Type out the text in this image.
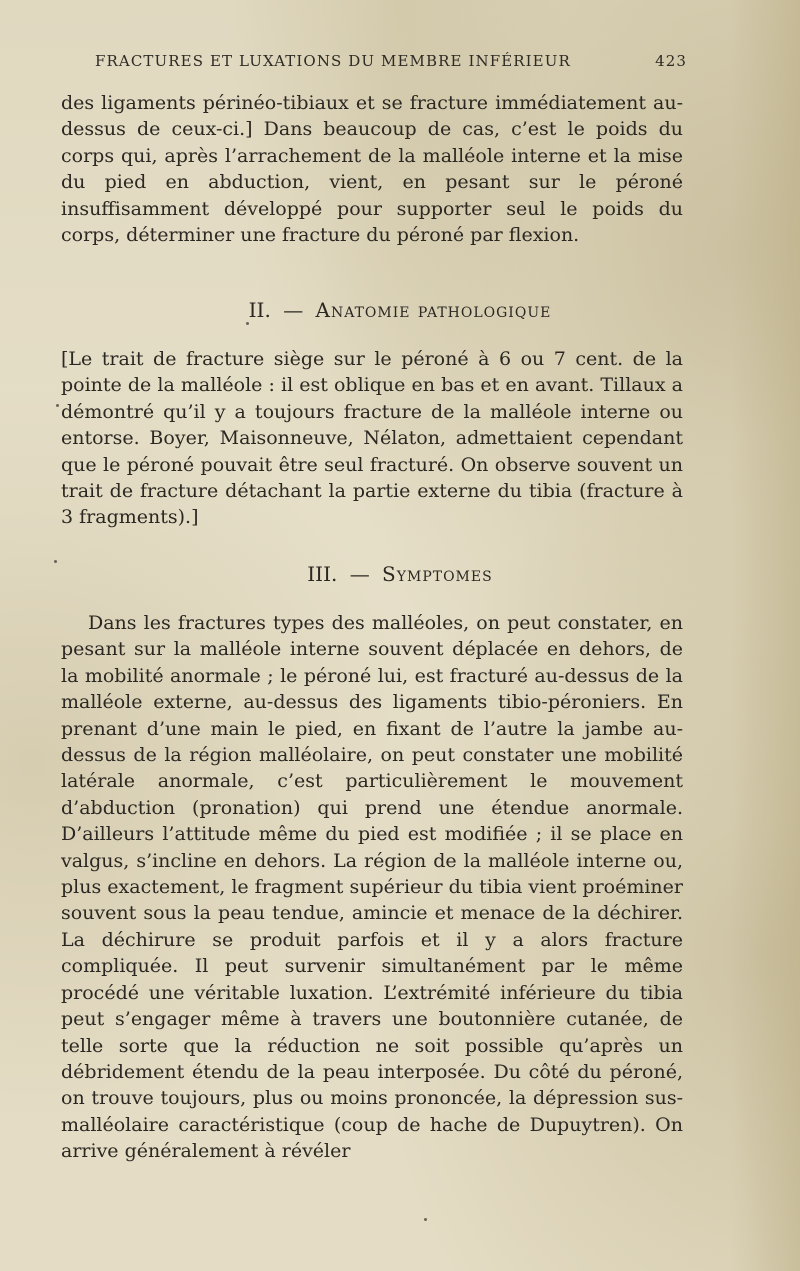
FRACTURES ET LUXATIONS DU MEMBRE INFÉRIEUR	423
des ligaments périnéo-tibiaux et se fracture immédiatement au-dessus de ceux-ci.] Dans beaucoup de cas, c’est le poids du corps qui, après l’arrachement de la malléole interne et la mise du pied en abduction, vient, en pesant sur le péroné insuffisamment développé pour supporter seul le poids du corps, déterminer une fracture du péroné par flexion.
II. — Anatomie pathologique
[Le trait de fracture siège sur le péroné à 6 ou 7 cent. de la pointe de la malléole : il est oblique en bas et en avant. Tillaux a démontré qu’il y a toujours fracture de la malléole interne ou entorse. Boyer, Maisonneuve, Nélaton, admettaient cependant que le péroné pouvait être seul fracturé. On observe souvent un trait de fracture détachant la partie externe du tibia (fracture à 3 fragments).]
III. — Symptomes
Dans les fractures types des malléoles, on peut constater, en pesant sur la malléole interne souvent déplacée en dehors, de la mobilité anormale ; le péroné lui, est fracturé au-dessus de la malléole externe, au-dessus des ligaments tibio-péroniers. En prenant d’une main le pied, en fixant de l’autre la jambe au-dessus de la région malléolaire, on peut constater une mobilité latérale anormale, c’est particulièrement le mouvement d’abduction (pronation) qui prend une étendue anormale. D’ailleurs l’attitude même du pied est modifiée ; il se place en valgus, s’incline en dehors. La région de la malléole interne ou, plus exactement, le fragment supérieur du tibia vient proéminer souvent sous la peau tendue, amincie et menace de la déchirer. La déchirure se produit parfois et il y a alors fracture compliquée. Il peut survenir simultanément par le même procédé une véritable luxation. L’extrémité inférieure du tibia peut s’engager même à travers une boutonnière cutanée, de telle sorte que la réduction ne soit possible qu’après un débridement étendu de la peau interposée. Du côté du péroné, on trouve toujours, plus ou moins prononcée, la dépression sus-malléolaire caractéristique (coup de hache de Dupuytren). On arrive généralement à révéler
